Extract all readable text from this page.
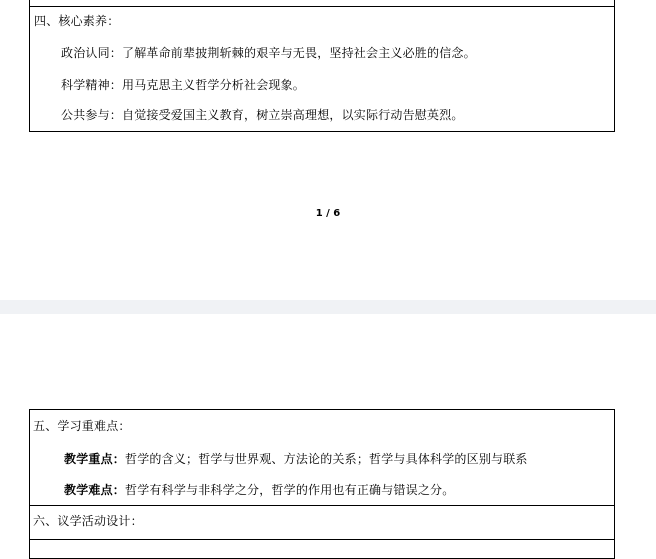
四、核心素养：
政治认同：了解革命前辈披荆斩棘的艰辛与无畏，坚持社会主义必胜的信念。
科学精神：用马克思主义哲学分析社会现象。
公共参与：自觉接受爱国主义教育，树立崇高理想，以实际行动告慰英烈。
1 / 6
五、学习重难点：
教学重点：哲学的含义；哲学与世界观、方法论的关系；哲学与具体科学的区别与联系
教学难点：哲学有科学与非科学之分，哲学的作用也有正确与错误之分。
六、议学活动设计：
